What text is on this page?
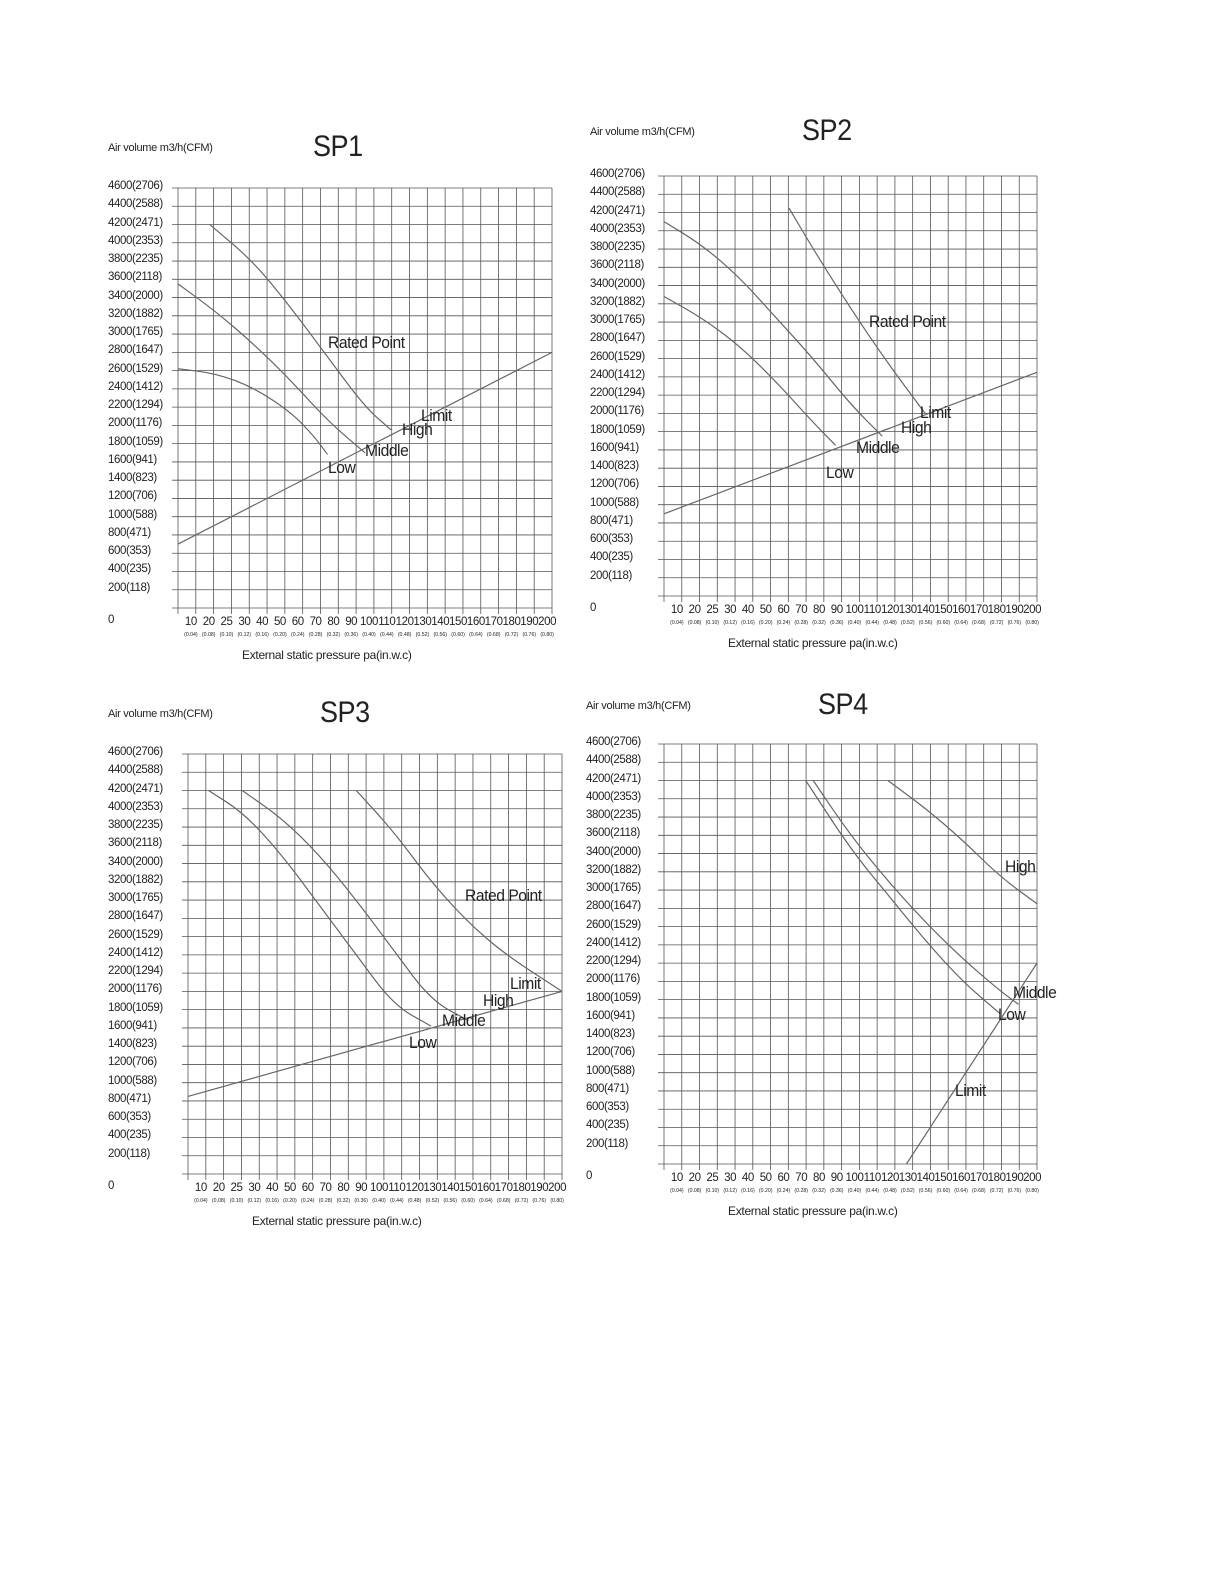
Air volume m3/h(CFM)	SP1
0
200(118)
400(235)
600(353)
800(471)
1000(588)
1200(706)
1400(823)
1600(941)
1800(1059)
2000(1176)
2200(1294)
2400(1412)
2600(1529)
2800(1647)
3000(1765)
3200(1882)
3400(2000)
3600(2118)
3800(2235)
4000(2353)
4200(2471)
4400(2588)
4600(2706)
10
(0.04)
20
(0.08)
25
(0.10)
30
(0.12)
40
(0.16)
50
(0.20)
60
(0.24)
70
(0.28)
80
(0.32)
90
(0.36)
100
(0.40)
110
(0.44)
120
(0.48)
130
(0.52)
140
(0.56)
150
(0.60)
160
(0.64)
170
(0.68)
180
(0.72)
190
(0.76)
200
(0.80)
External static pressure pa(in.w.c)
Rated Point
Limit
High
Middle
Low
Air volume m3/h(CFM)	SP2
0
200(118)
400(235)
600(353)
800(471)
1000(588)
1200(706)
1400(823)
1600(941)
1800(1059)
2000(1176)
2200(1294)
2400(1412)
2600(1529)
2800(1647)
3000(1765)
3200(1882)
3400(2000)
3600(2118)
3800(2235)
4000(2353)
4200(2471)
4400(2588)
4600(2706)
10
(0.04)
20
(0.08)
25
(0.10)
30
(0.12)
40
(0.16)
50
(0.20)
60
(0.24)
70
(0.28)
80
(0.32)
90
(0.36)
100
(0.40)
110
(0.44)
120
(0.48)
130
(0.52)
140
(0.56)
150
(0.60)
160
(0.64)
170
(0.68)
180
(0.72)
190
(0.76)
200
(0.80)
External static pressure pa(in.w.c)
Rated Point
Limit
High
Middle
Low
Air volume m3/h(CFM)	SP3
0
200(118)
400(235)
600(353)
800(471)
1000(588)
1200(706)
1400(823)
1600(941)
1800(1059)
2000(1176)
2200(1294)
2400(1412)
2600(1529)
2800(1647)
3000(1765)
3200(1882)
3400(2000)
3600(2118)
3800(2235)
4000(2353)
4200(2471)
4400(2588)
4600(2706)
10
(0.04)
20
(0.08)
25
(0.10)
30
(0.12)
40
(0.16)
50
(0.20)
60
(0.24)
70
(0.28)
80
(0.32)
90
(0.36)
100
(0.40)
110
(0.44)
120
(0.48)
130
(0.52)
140
(0.56)
150
(0.60)
160
(0.64)
170
(0.68)
180
(0.72)
190
(0.76)
200
(0.80)
External static pressure pa(in.w.c)
Rated Point
Limit
High
Middle
Low
Air volume m3/h(CFM)	SP4
0
200(118)
400(235)
600(353)
800(471)
1000(588)
1200(706)
1400(823)
1600(941)
1800(1059)
2000(1176)
2200(1294)
2400(1412)
2600(1529)
2800(1647)
3000(1765)
3200(1882)
3400(2000)
3600(2118)
3800(2235)
4000(2353)
4200(2471)
4400(2588)
4600(2706)
10
(0.04)
20
(0.08)
25
(0.10)
30
(0.12)
40
(0.16)
50
(0.20)
60
(0.24)
70
(0.28)
80
(0.32)
90
(0.36)
100
(0.40)
110
(0.44)
120
(0.48)
130
(0.52)
140
(0.56)
150
(0.60)
160
(0.64)
170
(0.68)
180
(0.72)
190
(0.76)
200
(0.80)
External static pressure pa(in.w.c)
High
Middle
Low
Limit
